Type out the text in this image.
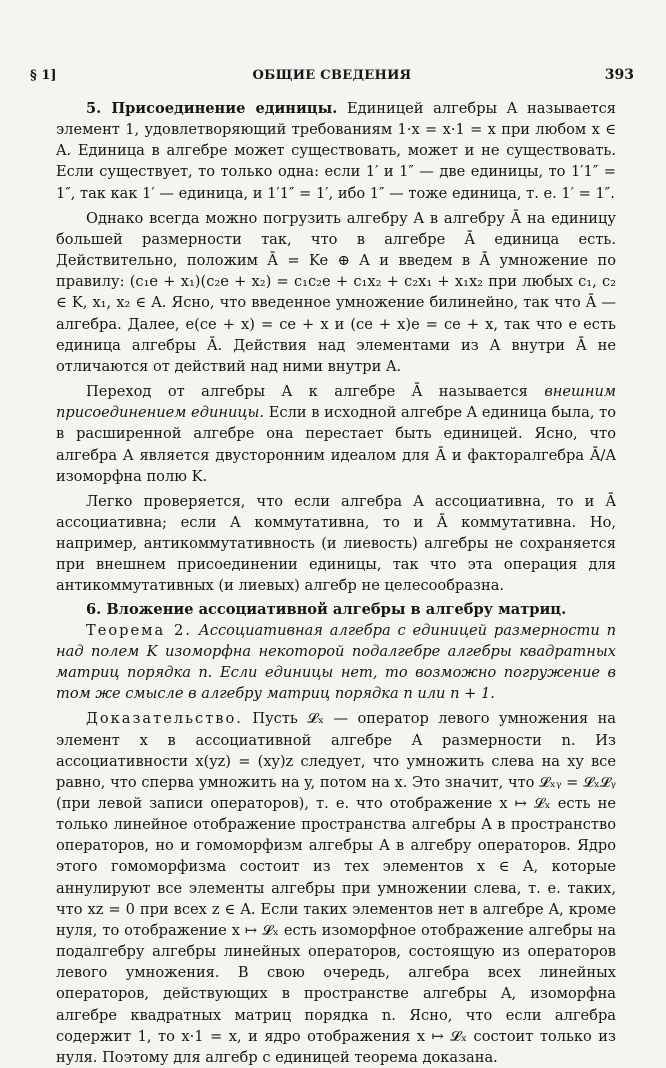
§ 1]	ОБЩИЕ СВЕДЕНИЯ	393

5. Присоединение единицы. Единицей алгебры A называется элемент 1, удовлетворяющий требованиям 1·x = x·1 = x при любом x ∈ A. Единица в алгебре может существовать, может и не существовать. Если существует, то только одна: если 1′ и 1″ — две единицы, то 1′1″ = 1″, так как 1′ — единица, и 1′1″ = 1′, ибо 1″ — тоже единица, т. е. 1′ = 1″.

Однако всегда можно погрузить алгебру A в алгебру Ā на единицу большей размерности так, что в алгебре Ā единица есть. Действительно, положим Ā = Ke ⊕ A и введем в Ā умножение по правилу: (c₁e + x₁)(c₂e + x₂) = c₁c₂e + c₁x₂ + c₂x₁ + x₁x₂ при любых c₁, c₂ ∈ K, x₁, x₂ ∈ A. Ясно, что введенное умножение билинейно, так что Ā — алгебра. Далее, e(ce + x) = ce + x и (ce + x)e = ce + x, так что e есть единица алгебры Ā. Действия над элементами из A внутри Ā не отличаются от действий над ними внутри A.

Переход от алгебры A к алгебре Ā называется внешним присоединением единицы. Если в исходной алгебре A единица была, то в расширенной алгебре она перестает быть единицей. Ясно, что алгебра A является двусторонним идеалом для Ā и факторалгебра Ā/A изоморфна полю K.

Легко проверяется, что если алгебра A ассоциативна, то и Ā ассоциативна; если A коммутативна, то и Ā коммутативна. Но, например, антикоммутативность (и лиевость) алгебры не сохраняется при внешнем присоединении единицы, так что эта операция для антикоммутативных (и лиевых) алгебр не целесообразна.

6. Вложение ассоциативной алгебры в алгебру матриц.

Теорема 2. Ассоциативная алгебра с единицей размерности n над полем K изоморфна некоторой подалгебре алгебры квадратных матриц порядка n. Если единицы нет, то возможно погружение в том же смысле в алгебру матриц порядка n или n + 1.

Доказательство. Пусть 𝓛ₓ — оператор левого умножения на элемент x в ассоциативной алгебре A размерности n. Из ассоциативности x(yz) = (xy)z следует, что умножить слева на xy все равно, что сперва умножить на y, потом на x. Это значит, что 𝓛ₓᵧ = 𝓛ₓ𝓛ᵧ (при левой записи операторов), т. е. что отображение x ↦ 𝓛ₓ есть не только линейное отображение пространства алгебры A в пространство операторов, но и гомоморфизм алгебры A в алгебру операторов. Ядро этого гомоморфизма состоит из тех элементов x ∈ A, которые аннулируют все элементы алгебры при умножении слева, т. е. таких, что xz = 0 при всех z ∈ A. Если таких элементов нет в алгебре A, кроме нуля, то отображение x ↦ 𝓛ₓ есть изоморфное отображение алгебры на подалгебру алгебры линейных операторов, состоящую из операторов левого умножения. В свою очередь, алгебра всех линейных операторов, действующих в пространстве алгебры A, изоморфна алгебре квадратных матриц порядка n. Ясно, что если алгебра содержит 1, то x·1 = x, и ядро отображения x ↦ 𝓛ₓ состоит только из нуля. Поэтому для алгебр с единицей теорема доказана.
